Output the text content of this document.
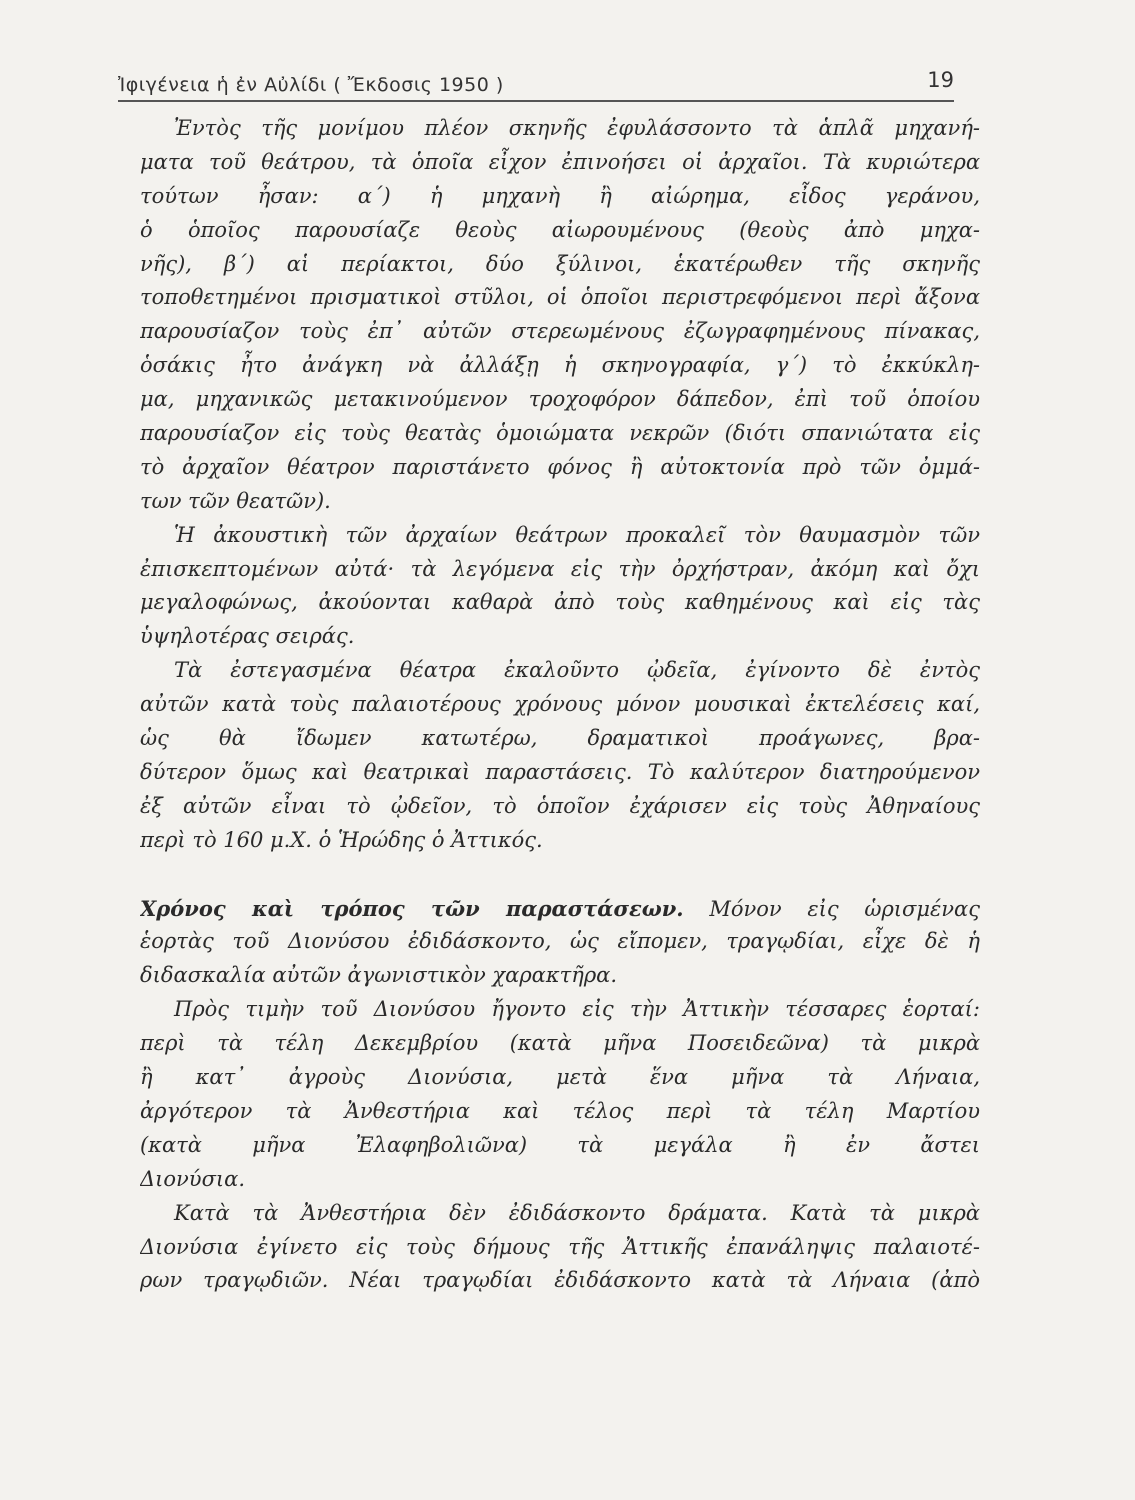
Ἰφιγένεια ἡ ἐν Αὐλίδι ( Ἔκδοσις 1950 )	19
Ἐντὸς τῆς μονίμου πλέον σκηνῆς ἐφυλάσσοντο τὰ ἁπλᾶ μηχανή-
ματα τοῦ θεάτρου, τὰ ὁποῖα εἶχον ἐπινοήσει οἱ ἀρχαῖοι. Τὰ κυριώτερα
τούτων ἦσαν: α΄) ἡ μηχανὴ ἢ αἰώρημα, εἶδος γεράνου,
ὁ ὁποῖος παρουσίαζε θεοὺς αἰωρουμένους (θεοὺς ἀπὸ μηχα-
νῆς), β΄) αἱ περίακτοι, δύο ξύλινοι, ἑκατέρωθεν τῆς σκηνῆς
τοποθετημένοι πρισματικοὶ στῦλοι, οἱ ὁποῖοι περιστρεφόμενοι περὶ ἄξονα
παρουσίαζον τοὺς ἐπ᾽ αὐτῶν στερεωμένους ἐζωγραφημένους πίνακας,
ὁσάκις ἦτο ἀνάγκη νὰ ἀλλάξῃ ἡ σκηνογραφία, γ΄) τὸ ἐκκύκλη-
μα, μηχανικῶς μετακινούμενον τροχοφόρον δάπεδον, ἐπὶ τοῦ ὁποίου
παρουσίαζον εἰς τοὺς θεατὰς ὁμοιώματα νεκρῶν (διότι σπανιώτατα εἰς
τὸ ἀρχαῖον θέατρον παριστάνετο φόνος ἢ αὐτοκτονία πρὸ τῶν ὀμμά-
των τῶν θεατῶν).
Ἡ ἀκουστικὴ τῶν ἀρχαίων θεάτρων προκαλεῖ τὸν θαυμασμὸν τῶν
ἐπισκεπτομένων αὐτά· τὰ λεγόμενα εἰς τὴν ὀρχήστραν, ἀκόμη καὶ ὄχι
μεγαλοφώνως, ἀκούονται καθαρὰ ἀπὸ τοὺς καθημένους καὶ εἰς τὰς
ὑψηλοτέρας σειράς.
Τὰ ἐστεγασμένα θέατρα ἐκαλοῦντο ᾠδεῖα, ἐγίνοντο δὲ ἐντὸς
αὐτῶν κατὰ τοὺς παλαιοτέρους χρόνους μόνον μουσικαὶ ἐκτελέσεις καί,
ὡς θὰ ἴδωμεν κατωτέρω, δραματικοὶ προάγωνες, βρα-
δύτερον ὅμως καὶ θεατρικαὶ παραστάσεις. Τὸ καλύτερον διατηρούμενον
ἐξ αὐτῶν εἶναι τὸ ᾠδεῖον, τὸ ὁποῖον ἐχάρισεν εἰς τοὺς Ἀθηναίους
περὶ τὸ 160 μ.Χ. ὁ Ἡρώδης ὁ Ἀττικός.
Χρόνος καὶ τρόπος τῶν παραστάσεων. Μόνον εἰς ὡρισμένας
ἑορτὰς τοῦ Διονύσου ἐδιδάσκοντο, ὡς εἴπομεν, τραγῳδίαι, εἶχε δὲ ἡ
διδασκαλία αὐτῶν ἀγωνιστικὸν χαρακτῆρα.
Πρὸς τιμὴν τοῦ Διονύσου ἤγοντο εἰς τὴν Ἀττικὴν τέσσαρες ἑορταί:
περὶ τὰ τέλη Δεκεμβρίου (κατὰ μῆνα Ποσειδεῶνα) τὰ μικρὰ
ἢ κατ᾽ ἀγροὺς Διονύσια, μετὰ ἕνα μῆνα τὰ Λήναια,
ἀργότερον τὰ Ἀνθεστήρια καὶ τέλος περὶ τὰ τέλη Μαρτίου
(κατὰ μῆνα Ἐλαφηβολιῶνα) τὰ μεγάλα ἢ ἐν ἄστει
Διονύσια.
Κατὰ τὰ Ἀνθεστήρια δὲν ἐδιδάσκοντο δράματα. Κατὰ τὰ μικρὰ
Διονύσια ἐγίνετο εἰς τοὺς δήμους τῆς Ἀττικῆς ἐπανάληψις παλαιοτέ-
ρων τραγῳδιῶν. Νέαι τραγῳδίαι ἐδιδάσκοντο κατὰ τὰ Λήναια (ἀπὸ
